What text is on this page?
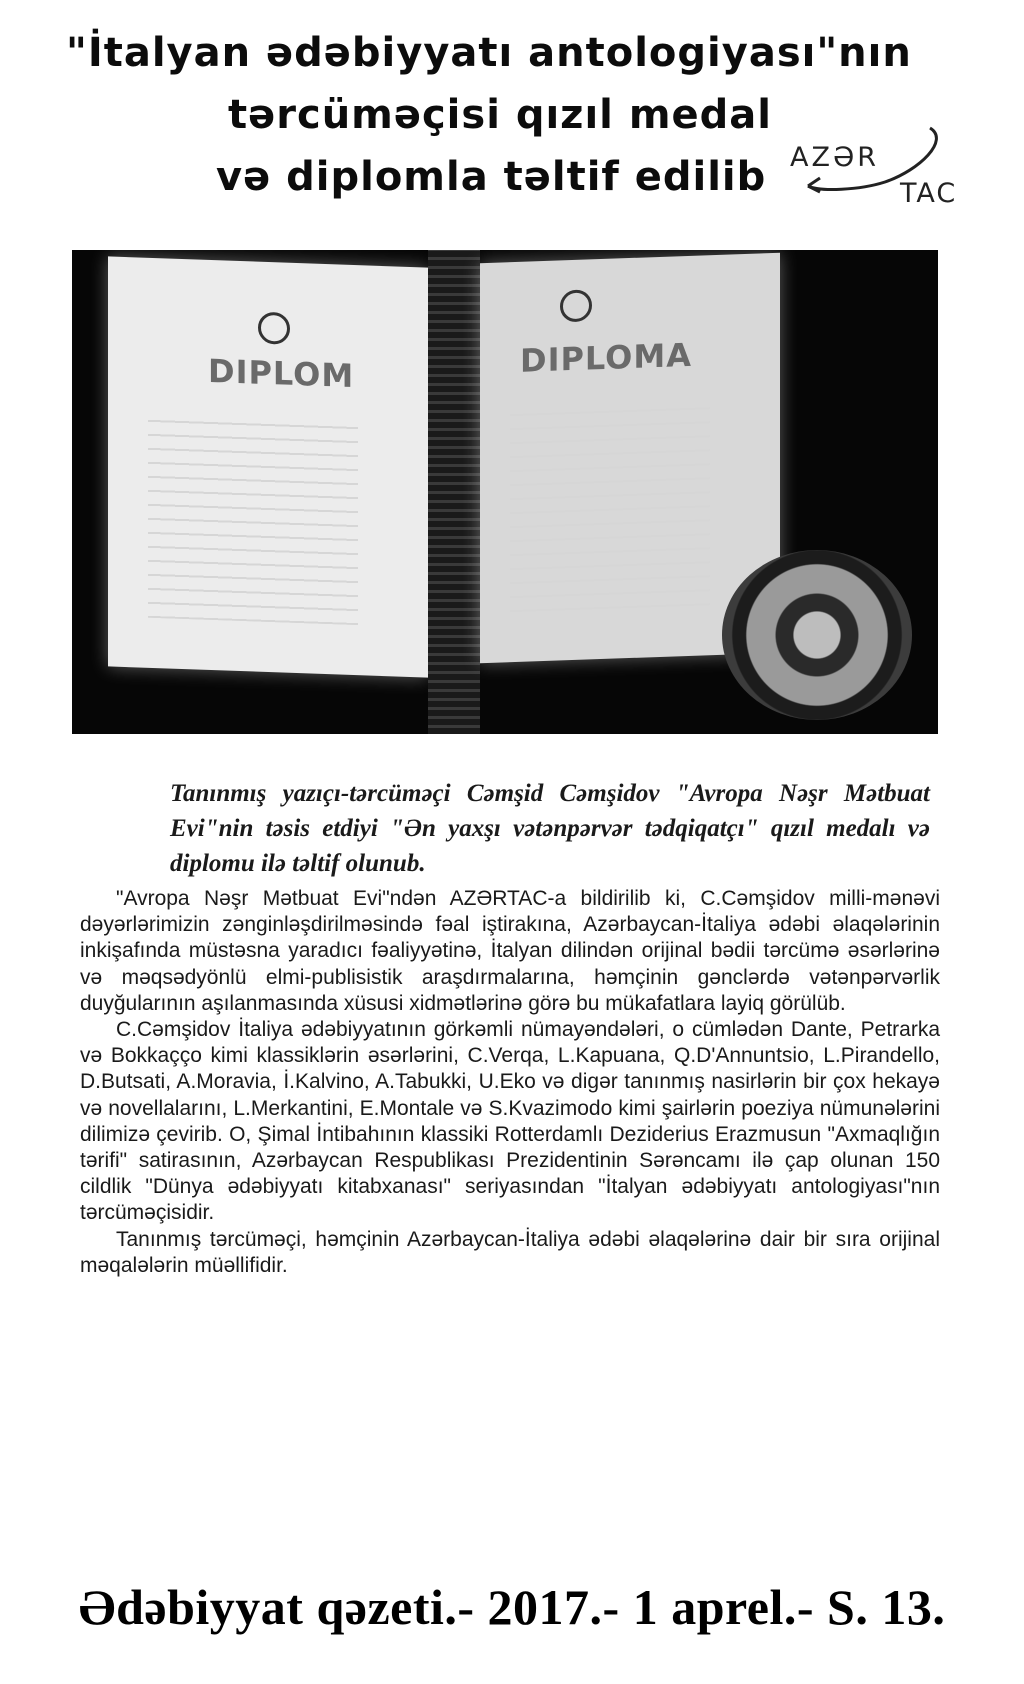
"İtalyan ədəbiyyatı antologiyası"nın
tərcüməçisi qızıl medal
və diplomla təltif edilib AZƏR
TAC
DIPLOM	DIPLOMA
Tanınmış yazıçı-tərcüməçi Cəmşid Cəmşidov "Avropa Nəşr Mətbuat Evi"nin təsis etdiyi "Ən yaxşı vətənpərvər tədqiqatçı" qızıl medalı və diplomu ilə təltif olunub.

"Avropa Nəşr Mətbuat Evi"ndən AZƏRTAC-a bildirilib ki, C.Cəmşidov milli-mənəvi dəyərlərimizin zənginləşdirilməsində fəal iştirakına, Azərbaycan-İtaliya ədəbi əlaqələrinin inkişafında müstəsna yaradıcı fəaliyyətinə, İtalyan dilindən orijinal bədii tərcümə əsərlərinə və məqsədyönlü elmi-publisistik araşdırmalarına, həmçinin gənclərdə vətənpərvərlik duyğularının aşılanmasında xüsusi xidmətlərinə görə bu mükafatlara layiq görülüb.

C.Cəmşidov İtaliya ədəbiyyatının görkəmli nümayəndələri, o cümlədən Dante, Petrarka və Bokkaçço kimi klassiklərin əsərlərini, C.Verqa, L.Kapuana, Q.D'Annuntsio, L.Pirandello, D.Butsati, A.Moravia, İ.Kalvino, A.Tabukki, U.Eko və digər tanınmış nasirlərin bir çox hekayə və novellalarını, L.Merkantini, E.Montale və S.Kvazimodo kimi şairlərin poeziya nümunələrini dilimizə çevirib. O, Şimal İntibahının klassiki Rotterdamlı Deziderius Erazmusun "Axmaqlığın tərifi" satirasının, Azərbaycan Respublikası Prezidentinin Sərəncamı ilə çap olunan 150 cildlik "Dünya ədəbiyyatı kitabxanası" seriyasından "İtalyan ədəbiyyatı antologiyası"nın tərcüməçisidir.

Tanınmış tərcüməçi, həmçinin Azərbaycan-İtaliya ədəbi əlaqələrinə dair bir sıra orijinal məqalələrin müəllifidir.

Ədəbiyyat qəzeti.- 2017.- 1 aprel.- S. 13.
